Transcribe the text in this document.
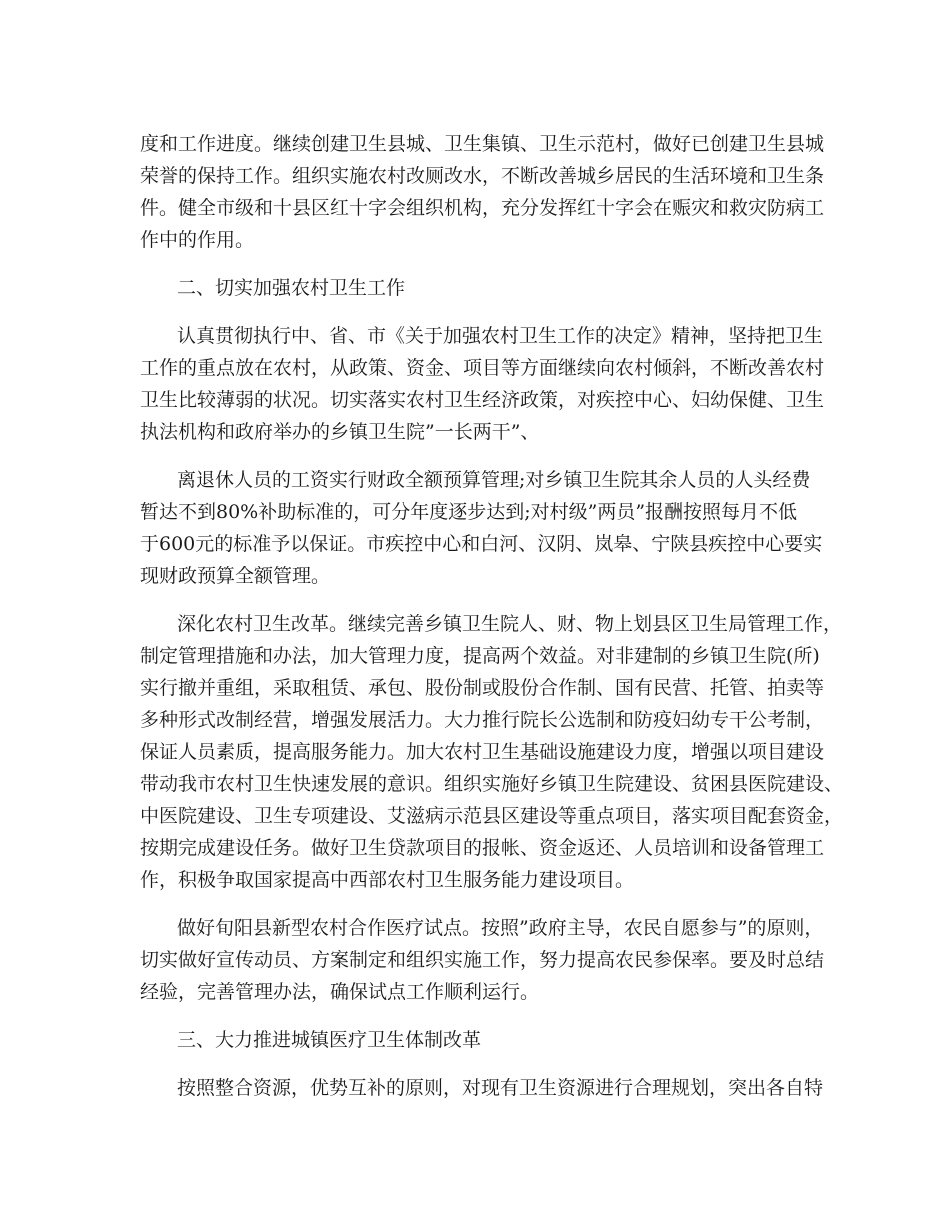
度和工作进度。继续创建卫生县城、卫生集镇、卫生示范村，做好已创建卫生县城
荣誉的保持工作。组织实施农村改厕改水，不断改善城乡居民的生活环境和卫生条
件。健全市级和十县区红十字会组织机构，充分发挥红十字会在赈灾和救灾防病工
作中的作用。
二、切实加强农村卫生工作
认真贯彻执行中、省、市《关于加强农村卫生工作的决定》精神，坚持把卫生
工作的重点放在农村，从政策、资金、项目等方面继续向农村倾斜，不断改善农村
卫生比较薄弱的状况。切实落实农村卫生经济政策，对疾控中心、妇幼保健、卫生
执法机构和政府举办的乡镇卫生院”一长两干”、
离退休人员的工资实行财政全额预算管理;对乡镇卫生院其余人员的人头经费
暂达不到80%补助标准的，可分年度逐步达到;对村级”两员”报酬按照每月不低
于600元的标准予以保证。市疾控中心和白河、汉阴、岚皋、宁陕县疾控中心要实
现财政预算全额管理。
深化农村卫生改革。继续完善乡镇卫生院人、财、物上划县区卫生局管理工作，
制定管理措施和办法，加大管理力度，提高两个效益。对非建制的乡镇卫生院(所)
实行撤并重组，采取租赁、承包、股份制或股份合作制、国有民营、托管、拍卖等
多种形式改制经营，增强发展活力。大力推行院长公选制和防疫妇幼专干公考制，
保证人员素质，提高服务能力。加大农村卫生基础设施建设力度，增强以项目建设
带动我市农村卫生快速发展的意识。组织实施好乡镇卫生院建设、贫困县医院建设、
中医院建设、卫生专项建设、艾滋病示范县区建设等重点项目，落实项目配套资金，
按期完成建设任务。做好卫生贷款项目的报帐、资金返还、人员培训和设备管理工
作，积极争取国家提高中西部农村卫生服务能力建设项目。
做好旬阳县新型农村合作医疗试点。按照”政府主导，农民自愿参与”的原则，
切实做好宣传动员、方案制定和组织实施工作，努力提高农民参保率。要及时总结
经验，完善管理办法，确保试点工作顺利运行。
三、大力推进城镇医疗卫生体制改革
按照整合资源，优势互补的原则，对现有卫生资源进行合理规划，突出各自特
